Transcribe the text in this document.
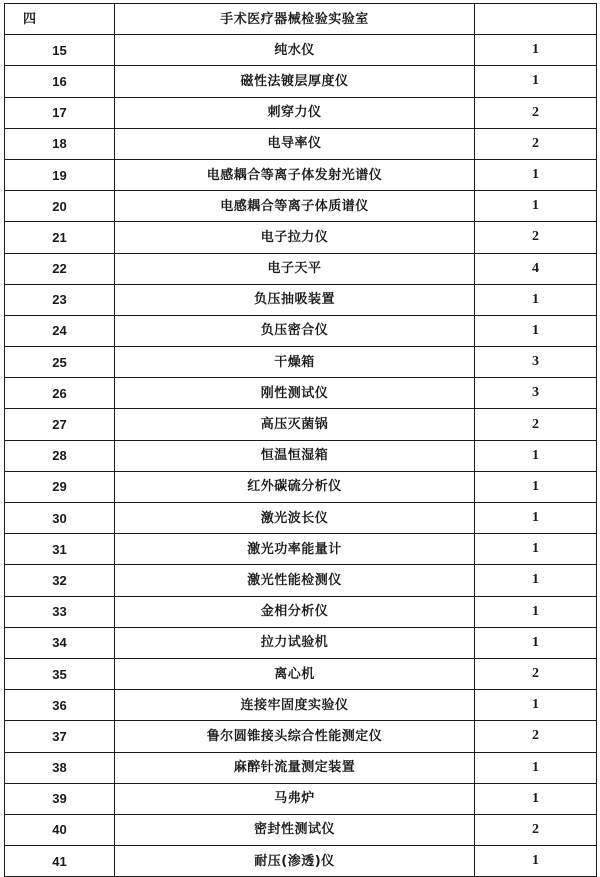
四	手术医疗器械检验实验室	
15	纯水仪	1
16	磁性法镀层厚度仪	1
17	刺穿力仪	2
18	电导率仪	2
19	电感耦合等离子体发射光谱仪	1
20	电感耦合等离子体质谱仪	1
21	电子拉力仪	2
22	电子天平	4
23	负压抽吸装置	1
24	负压密合仪	1
25	干燥箱	3
26	刚性测试仪	3
27	高压灭菌锅	2
28	恒温恒湿箱	1
29	红外碳硫分析仪	1
30	激光波长仪	1
31	激光功率能量计	1
32	激光性能检测仪	1
33	金相分析仪	1
34	拉力试验机	1
35	离心机	2
36	连接牢固度实验仪	1
37	鲁尔圆锥接头综合性能测定仪	2
38	麻醉针流量测定装置	1
39	马弗炉	1
40	密封性测试仪	2
41	耐压(渗透)仪	1
